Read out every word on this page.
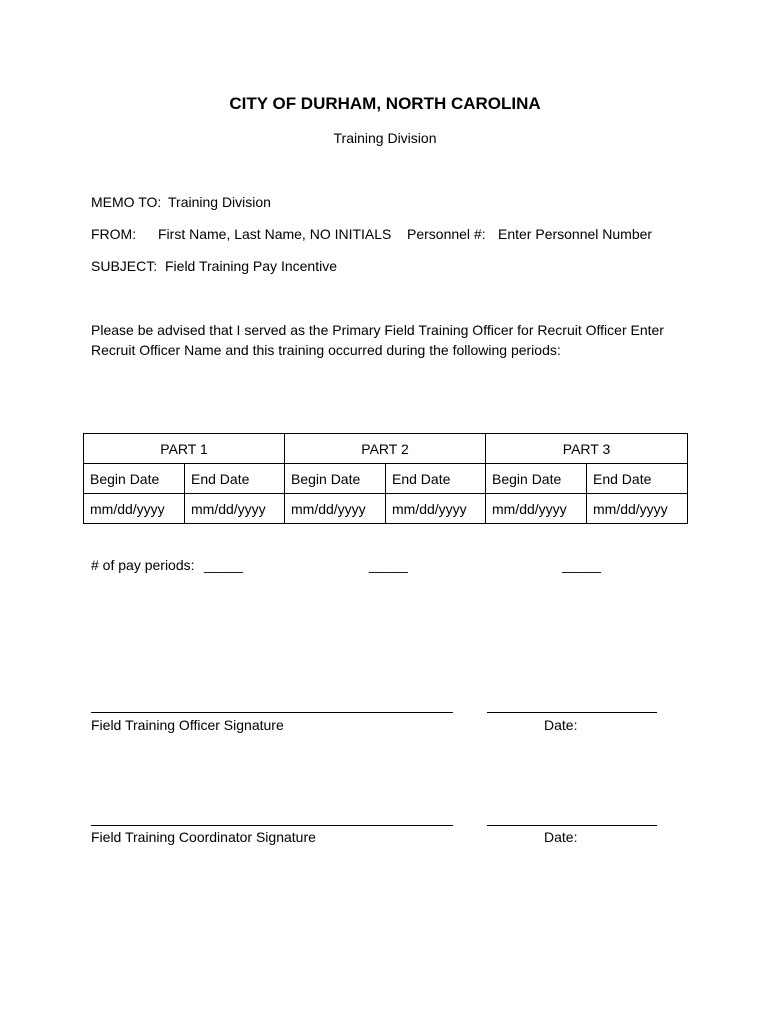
CITY OF DURHAM, NORTH CAROLINA
Training Division
MEMO TO: Training Division
FROM: First Name, Last Name, NO INITIALS Personnel #: Enter Personnel Number
SUBJECT: Field Training Pay Incentive
Please be advised that I served as the Primary Field Training Officer for Recruit Officer Enter Recruit Officer Name and this training occurred during the following periods:
PART 1		PART 2		PART 3	
Begin Date	End Date	Begin Date	End Date	Begin Date	End Date
mm/dd/yyyy	mm/dd/yyyy	mm/dd/yyyy	mm/dd/yyyy	mm/dd/yyyy	mm/dd/yyyy
# of pay periods: _____	_____	_____
Field Training Officer Signature	Date:
Field Training Coordinator Signature	Date:
